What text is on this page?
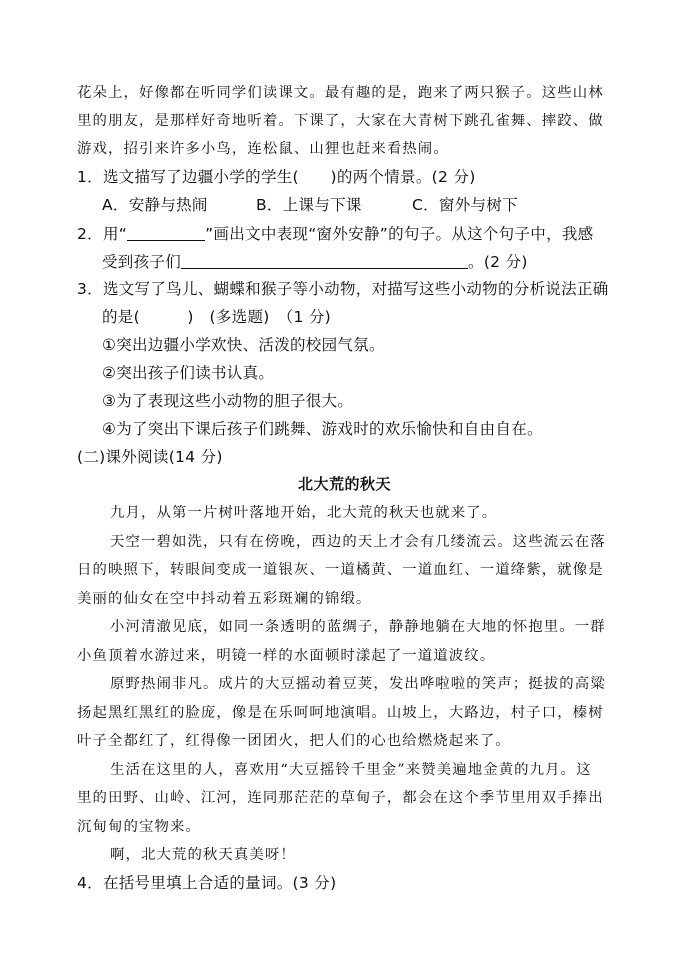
花朵上，好像都在听同学们读课文。最有趣的是，跑来了两只猴子。这些山林
里的朋友，是那样好奇地听着。下课了，大家在大青树下跳孔雀舞、摔跤、做
游戏，招引来许多小鸟，连松鼠、山狸也赶来看热闹。
1．选文描写了边疆小学的学生(　　)的两个情景。(2 分)
A．安静与热闹	B．上课与下课	C．窗外与树下
2．用“	”画出文中表现“窗外安静”的句子。从这个句子中，我感
受到孩子们	。(2 分)
3．选文写了鸟儿、蝴蝶和猴子等小动物，对描写这些小动物的分析说法正确
的是(　　　)　(多选题)　（1 分)
①突出边疆小学欢快、活泼的校园气氛。
②突出孩子们读书认真。
③为了表现这些小动物的胆子很大。
④为了突出下课后孩子们跳舞、游戏时的欢乐愉快和自由自在。
(二)课外阅读(14 分)
北大荒的秋天
九月，从第一片树叶落地开始，北大荒的秋天也就来了。
天空一碧如洗，只有在傍晚，西边的天上才会有几缕流云。这些流云在落
日的映照下，转眼间变成一道银灰、一道橘黄、一道血红、一道绛紫，就像是
美丽的仙女在空中抖动着五彩斑斓的锦缎。
小河清澈见底，如同一条透明的蓝绸子，静静地躺在大地的怀抱里。一群
小鱼顶着水游过来，明镜一样的水面顿时漾起了一道道波纹。
原野热闹非凡。成片的大豆摇动着豆荚，发出哗啦啦的笑声；挺拔的高粱
扬起黑红黑红的脸庞，像是在乐呵呵地演唱。山坡上，大路边，村子口，榛树
叶子全都红了，红得像一团团火，把人们的心也给燃烧起来了。
生活在这里的人，喜欢用“大豆摇铃千里金”来赞美遍地金黄的九月。这
里的田野、山岭、江河，连同那茫茫的草甸子，都会在这个季节里用双手捧出
沉甸甸的宝物来。
啊，北大荒的秋天真美呀！
4．在括号里填上合适的量词。(3 分)
